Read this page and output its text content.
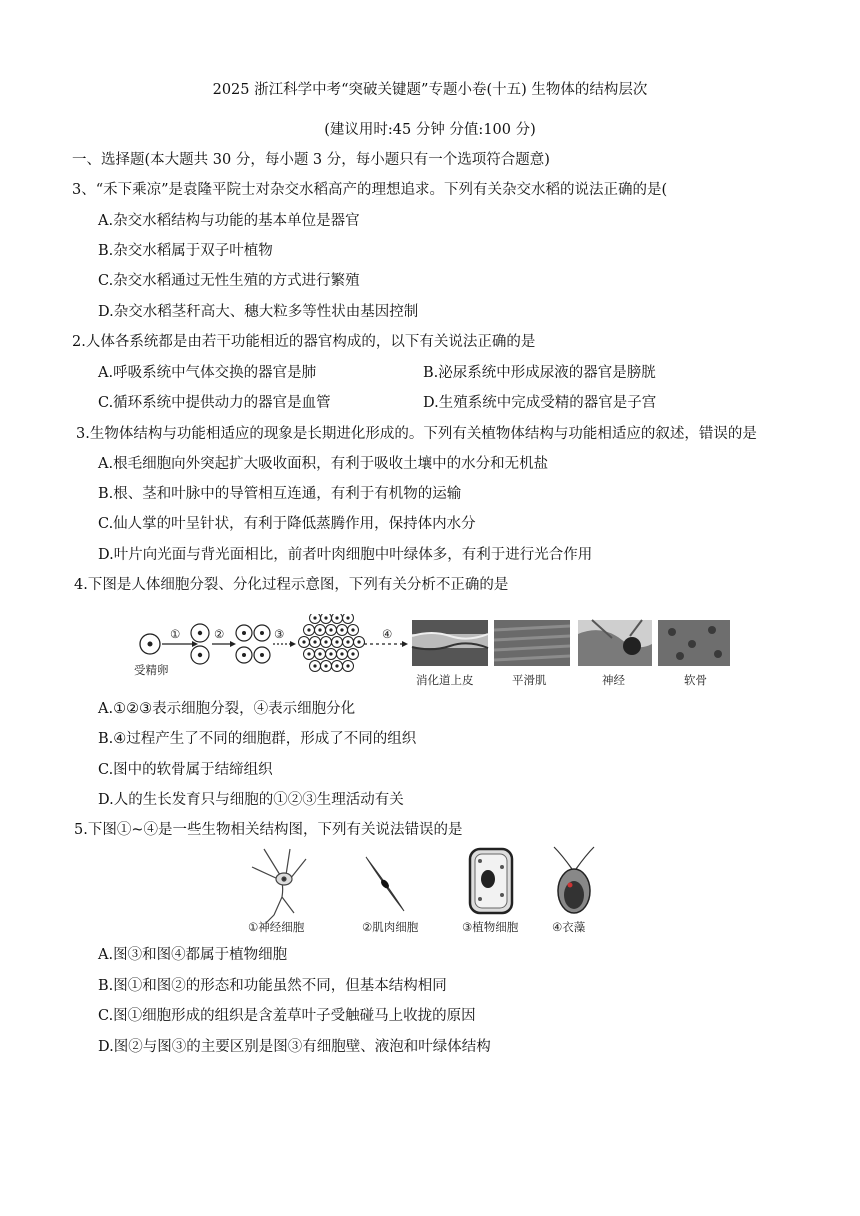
2025 浙江科学中考“突破关键题”专题小卷(十五) 生物体的结构层次
(建议用时:45 分钟 分值:100 分)
一、选择题(本大题共 30 分，每小题 3 分，每小题只有一个选项符合题意)
3、“禾下乘凉”是袁隆平院士对杂交水稻高产的理想追求。下列有关杂交水稻的说法正确的是(
A.杂交水稻结构与功能的基本单位是器官
B.杂交水稻属于双子叶植物
C.杂交水稻通过无性生殖的方式进行繁殖
D.杂交水稻茎秆高大、穗大粒多等性状由基因控制
2.人体各系统都是由若干功能相近的器官构成的，以下有关说法正确的是
A.呼吸系统中气体交换的器官是肺	B.泌尿系统中形成尿液的器官是膀胱
C.循环系统中提供动力的器官是血管	D.生殖系统中完成受精的器官是子宫
3.生物体结构与功能相适应的现象是长期进化形成的。下列有关植物体结构与功能相适应的叙述，错误的是
A.根毛细胞向外突起扩大吸收面积，有利于吸收土壤中的水分和无机盐
B.根、茎和叶脉中的导管相互连通，有利于有机物的运输
C.仙人掌的叶呈针状，有利于降低蒸腾作用，保持体内水分
D.叶片向光面与背光面相比，前者叶肉细胞中叶绿体多，有利于进行光合作用
4.下图是人体细胞分裂、分化过程示意图，下列有关分析不正确的是
受精卵
①	②	③	④
消化道上皮	平滑肌	神经	软骨
A.①②③表示细胞分裂，④表示细胞分化
B.④过程产生了不同的细胞群，形成了不同的组织
C.图中的软骨属于结缔组织
D.人的生长发育只与细胞的①②③生理活动有关
5.下图①~④是一些生物相关结构图，下列有关说法错误的是
①神经细胞	②肌肉细胞	③植物细胞	④衣藻
A.图③和图④都属于植物细胞
B.图①和图②的形态和功能虽然不同，但基本结构相同
C.图①细胞形成的组织是含羞草叶子受触碰马上收拢的原因
D.图②与图③的主要区别是图③有细胞壁、液泡和叶绿体结构
